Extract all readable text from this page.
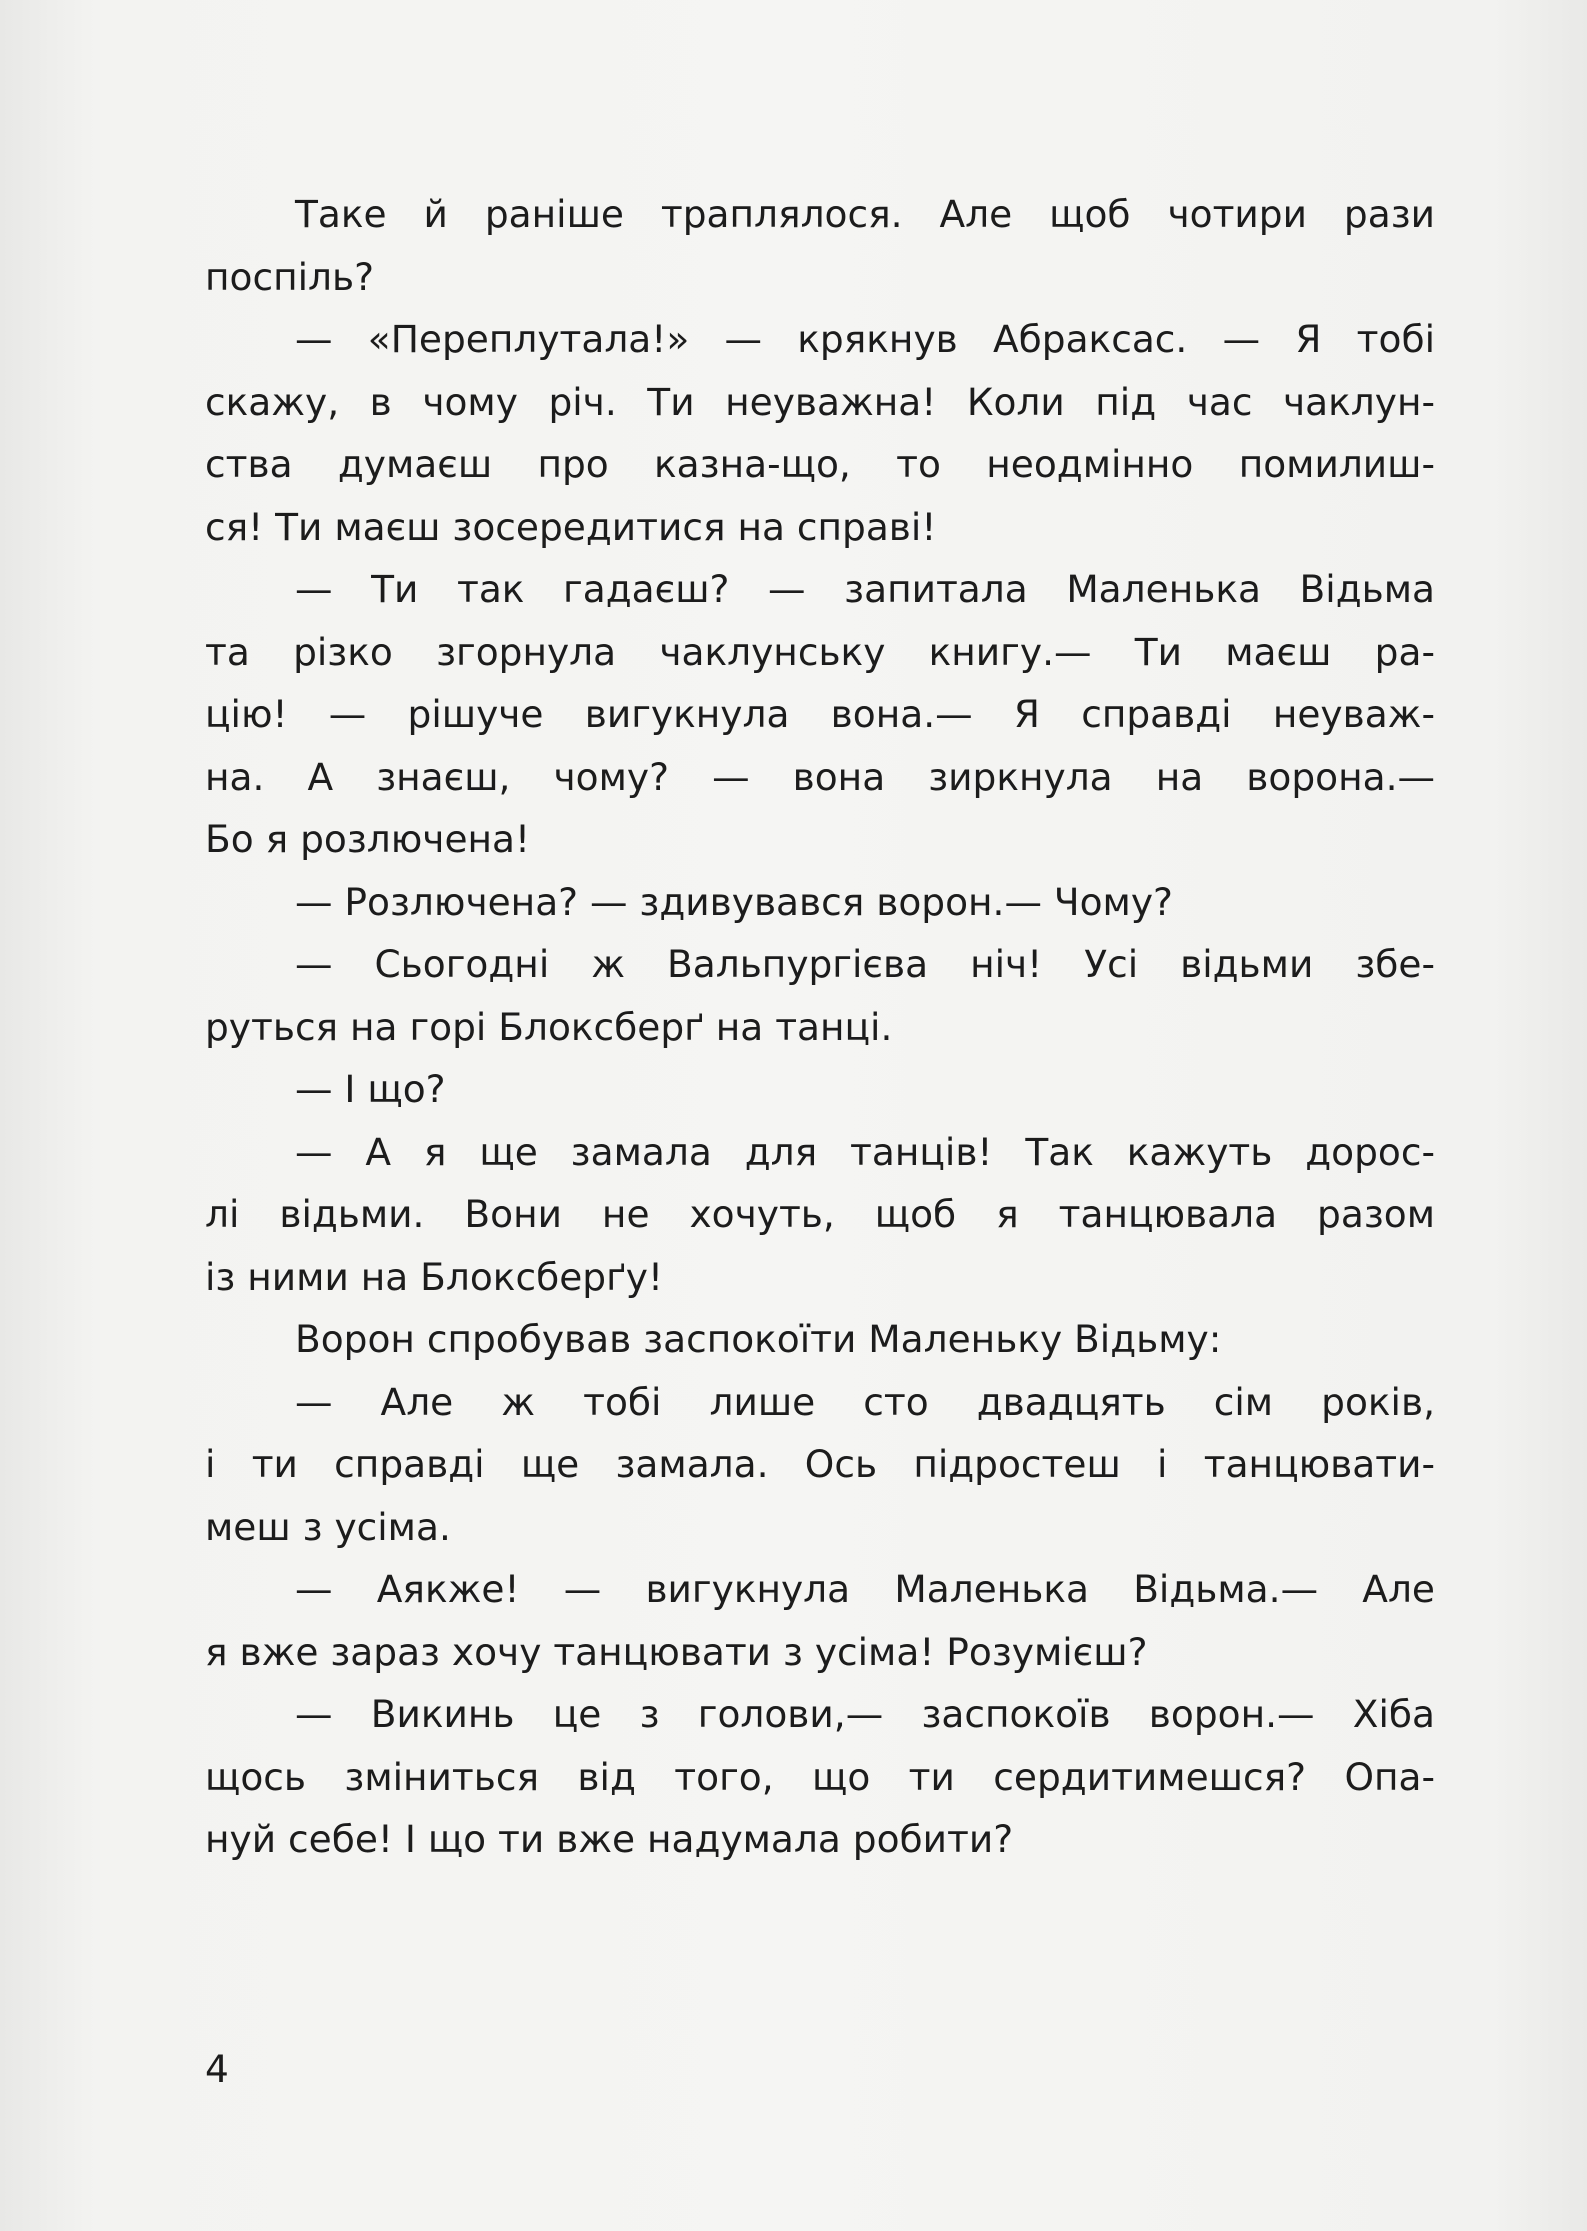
Таке й раніше траплялося. Але щоб чотири рази
поспіль?
— «Переплутала!» — крякнув Абраксас. — Я тобі
скажу, в чому річ. Ти неуважна! Коли під час чаклун-
ства думаєш про казна-що, то неодмінно помилиш-
ся! Ти маєш зосередитися на справі!
— Ти так гадаєш? — запитала Маленька Відьма
та різко згорнула чаклунську книгу.— Ти маєш ра-
цію! — рішуче вигукнула вона.— Я справді неуваж-
на. А знаєш, чому? — вона зиркнула на ворона.—
Бо я розлючена!
— Розлючена? — здивувався ворон.— Чому?
— Сьогодні ж Вальпургієва ніч! Усі відьми збе-
руться на горі Блоксберґ на танці.
— І що?
— А я ще замала для танців! Так кажуть дорос-
лі відьми. Вони не хочуть, щоб я танцювала разом
із ними на Блоксберґу!
Ворон спробував заспокоїти Маленьку Відьму:
— Але ж тобі лише сто двадцять сім років,
і ти справді ще замала. Ось підростеш і танцювати-
меш з усіма.
— Аякже! — вигукнула Маленька Відьма.— Але
я вже зараз хочу танцювати з усіма! Розумієш?
— Викинь це з голови,— заспокоїв ворон.— Хіба
щось зміниться від того, що ти сердитимешся? Опа-
нуй себе! І що ти вже надумала робити?
4
